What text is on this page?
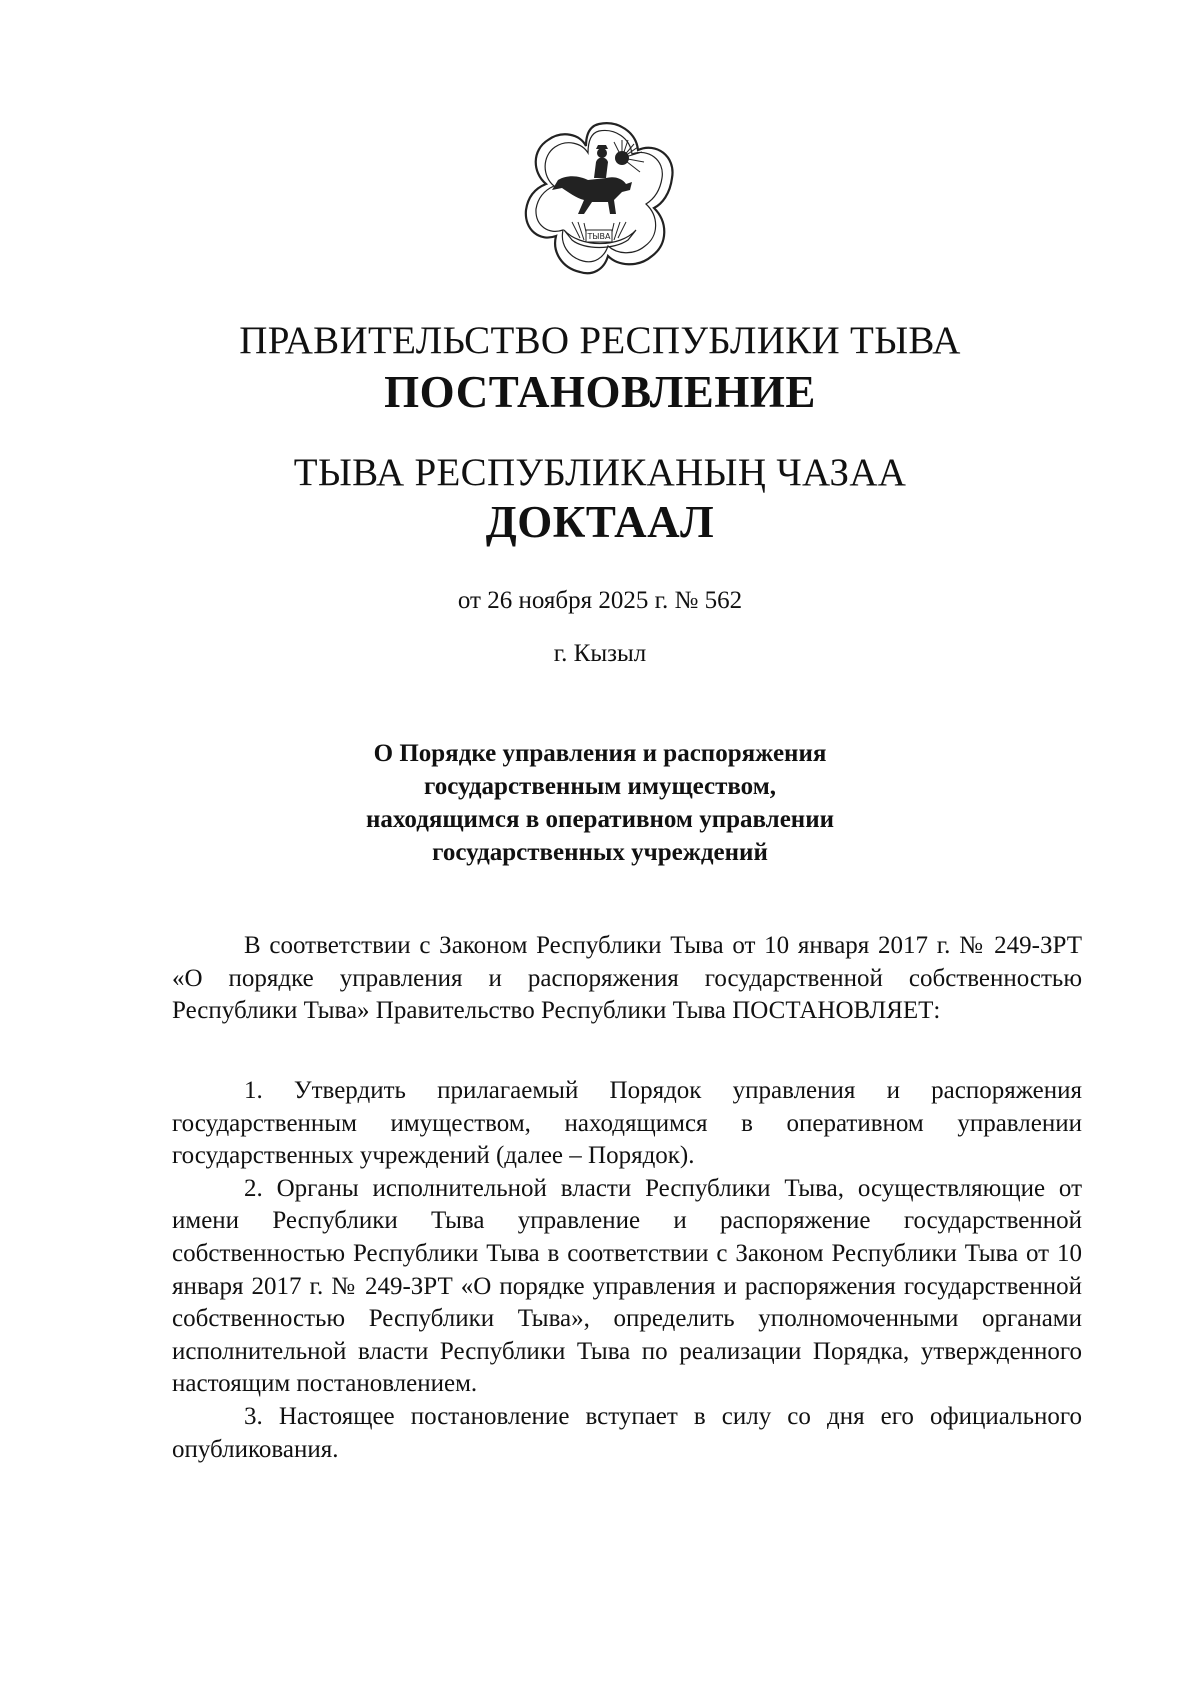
ТЫВА
ПРАВИТЕЛЬСТВО РЕСПУБЛИКИ ТЫВА
ПОСТАНОВЛЕНИЕ
ТЫВА РЕСПУБЛИКАНЫҢ ЧАЗАА
ДОКТААЛ
от 26 ноября 2025 г. № 562
г. Кызыл
О Порядке управления и распоряжения
государственным имуществом,
находящимся в оперативном управлении
государственных учреждений

В соответствии с Законом Республики Тыва от 10 января 2017 г. № 249-ЗРТ «О порядке управления и распоряжения государственной собственностью Республики Тыва» Правительство Республики Тыва ПОСТАНОВЛЯЕТ:

1. Утвердить прилагаемый Порядок управления и распоряжения государственным имуществом, находящимся в оперативном управлении государственных учреждений (далее – Порядок).

2. Органы исполнительной власти Республики Тыва, осуществляющие от имени Республики Тыва управление и распоряжение государственной собственностью Республики Тыва в соответствии с Законом Республики Тыва от 10 января 2017 г. № 249-ЗРТ «О порядке управления и распоряжения государственной собственностью Республики Тыва», определить уполномоченными органами исполнительной власти Республики Тыва по реализации Порядка, утвержденного настоящим постановлением.

3. Настоящее постановление вступает в силу со дня его официального опубликования.
